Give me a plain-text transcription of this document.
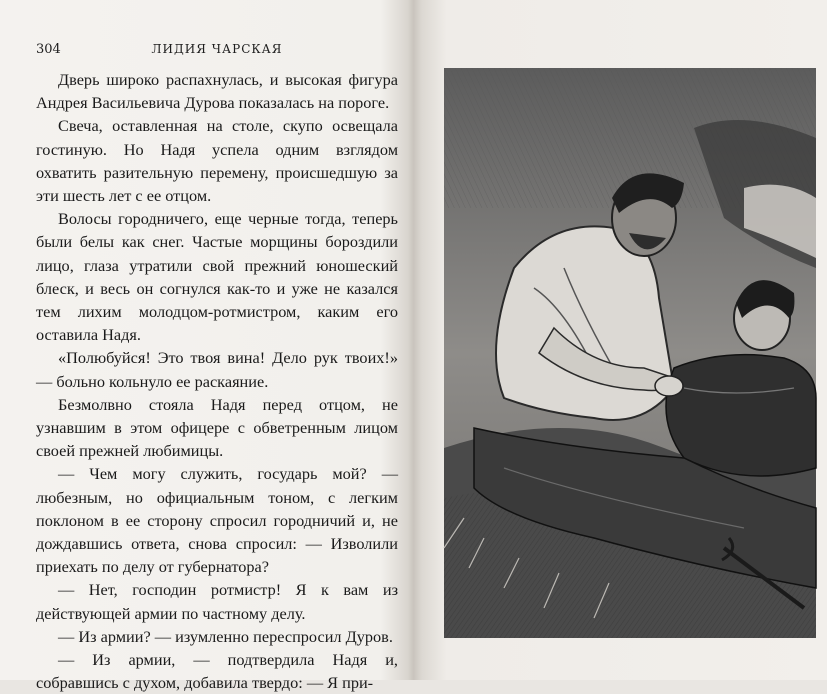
304	ЛИДИЯ ЧАРСКАЯ

Дверь широко распахнулась, и высокая фигура Андрея Васильевича Дурова показалась на пороге.

Свеча, оставленная на столе, скупо освещала гостиную. Но Надя успела одним взглядом охватить разительную перемену, происшедшую за эти шесть лет с ее отцом.

Волосы городничего, еще черные тогда, теперь были белы как снег. Частые морщины бороздили лицо, глаза утратили свой прежний юношеский блеск, и весь он согнулся как-то и уже не казался тем лихим молодцом-ротмистром, каким его оставила Надя.

«Полюбуйся! Это твоя вина! Дело рук твоих!» — больно кольнуло ее раскаяние.

Безмолвно стояла Надя перед отцом, не узнавшим в этом офицере с обветренным лицом своей прежней любимицы.

— Чем могу служить, государь мой? — любезным, но официальным тоном, с легким поклоном в ее сторону спросил городничий и, не дождавшись ответа, снова спросил: — Изволили приехать по делу от губернатора?

— Нет, господин ротмистр! Я к вам из действующей армии по частному делу.

— Из армии? — изумленно переспросил Дуров.

— Из армии, — подтвердила Надя и, собравшись с духом, добавила твердо: — Я при-
